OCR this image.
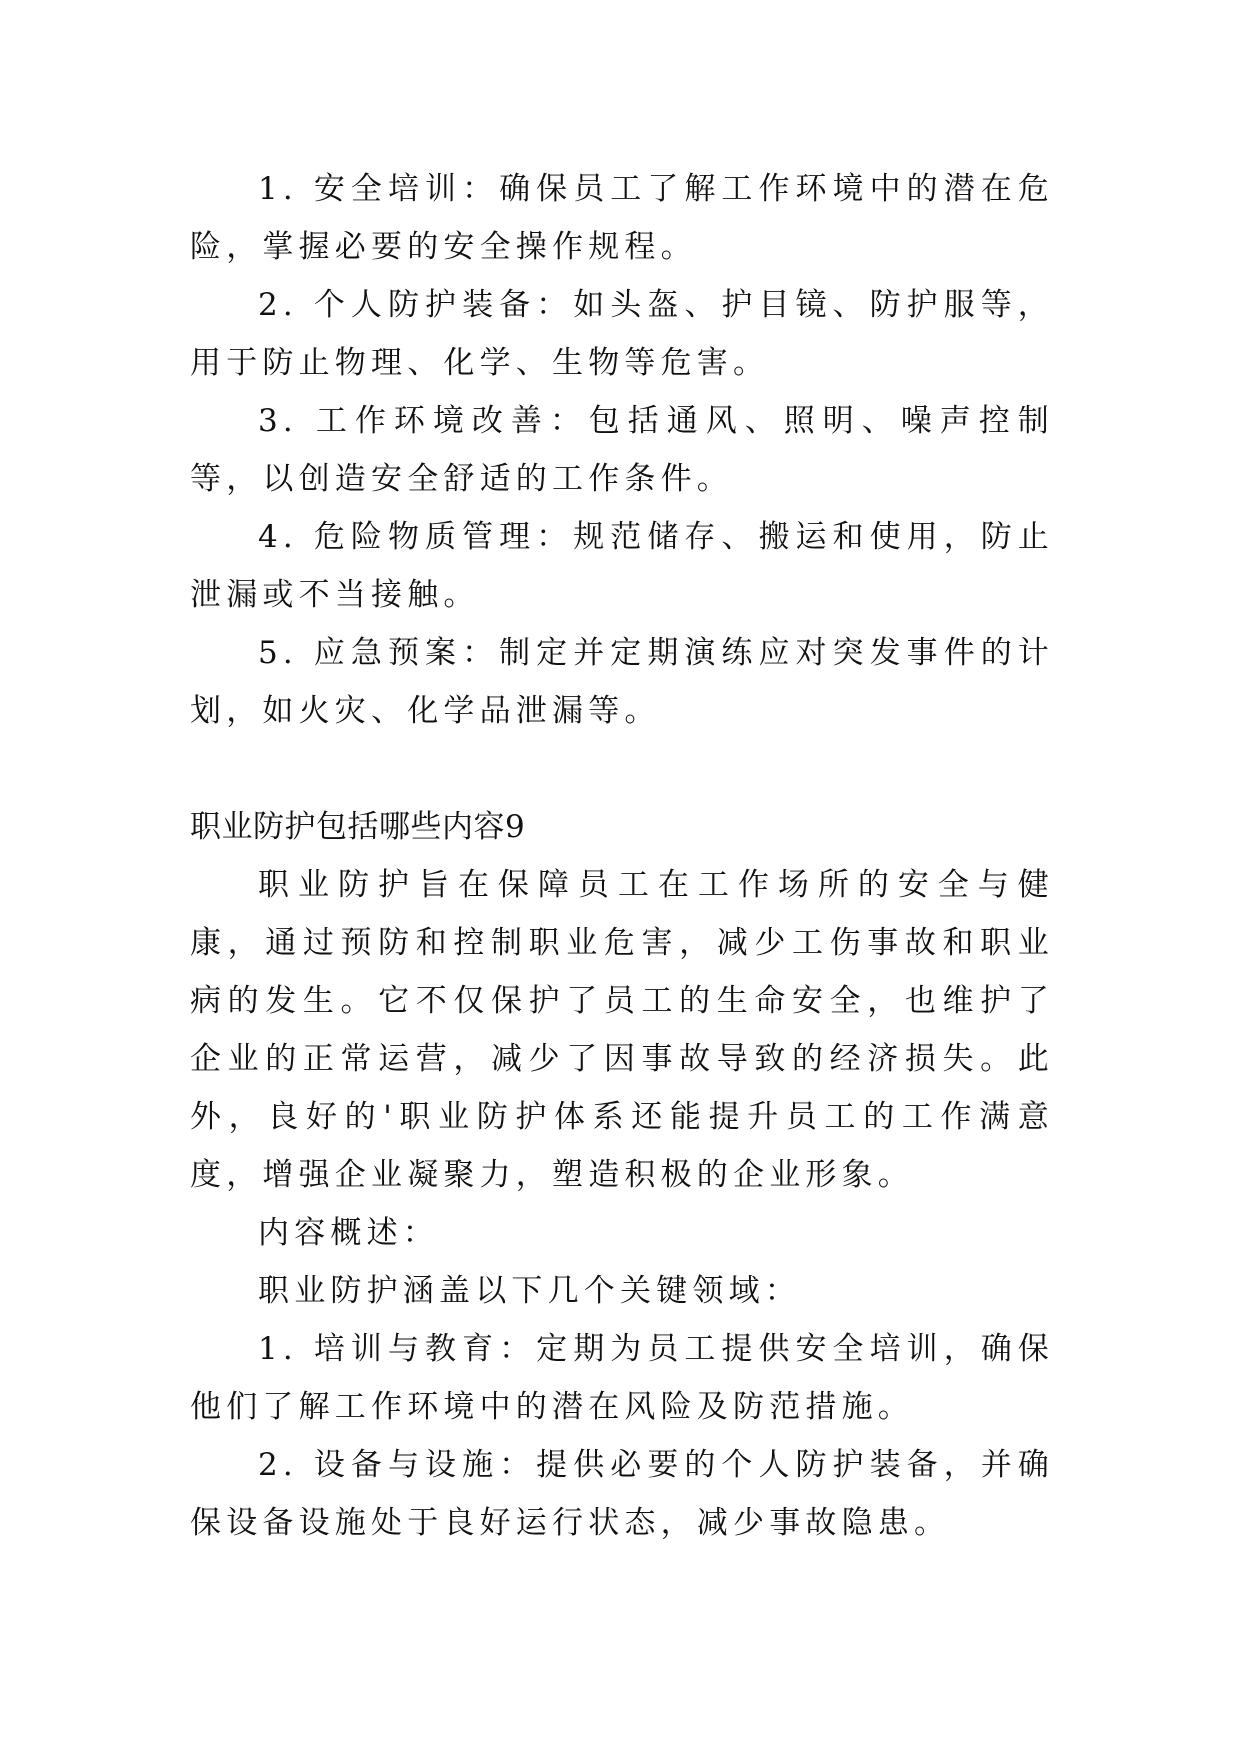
1. 安全培训：确保员工了解工作环境中的潜在危险，掌握必要的安全操作规程。

2. 个人防护装备：如头盔、护目镜、防护服等，用于防止物理、化学、生物等危害。

3. 工作环境改善：包括通风、照明、噪声控制等，以创造安全舒适的工作条件。

4. 危险物质管理：规范储存、搬运和使用，防止泄漏或不当接触。

5. 应急预案：制定并定期演练应对突发事件的计划，如火灾、化学品泄漏等。

职业防护包括哪些内容9

职业防护旨在保障员工在工作场所的安全与健康，通过预防和控制职业危害，减少工伤事故和职业病的发生。它不仅保护了员工的生命安全，也维护了企业的正常运营，减少了因事故导致的经济损失。此外，良好的'职业防护体系还能提升员工的工作满意度，增强企业凝聚力，塑造积极的企业形象。

内容概述：

职业防护涵盖以下几个关键领域：

1. 培训与教育：定期为员工提供安全培训，确保他们了解工作环境中的潜在风险及防范措施。

2. 设备与设施：提供必要的个人防护装备，并确保设备设施处于良好运行状态，减少事故隐患。
